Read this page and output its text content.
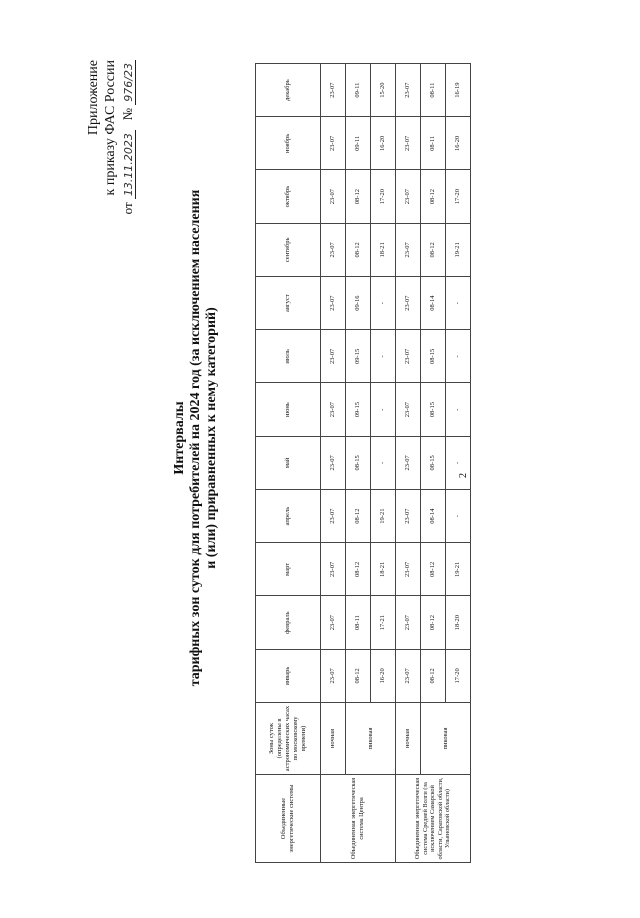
2
Приложение к приказу ФАС России
от 13.11.2023   № 976/23
Интервалы тарифных зон суток для потребителей на 2024 год (за исключением населения и (или) приравненных к нему категорий)
Объединенные энергетические системы	Зоны суток (определены в астрономических часах по московскому времени)	январь	февраль	март	апрель	май	июнь	июль	август	сентябрь	октябрь	ноябрь	декабрь
Объединенная энергетическая система Центра	ночная	23-07	23-07	23-07	23-07	23-07	23-07	23-07	23-07	23-07	23-07	23-07	23-07
	пиковая	08-12	08-11	08-12	08-12	08-15	09-15	09-15	09-16	08-12	08-12	09-11	09-11
		16-20	17-21	18-21	19-21	-	-	-	-	18-21	17-20	16-20	15-20
Объединенная энергетическая система Средней Волги (за исключением Самарской области, Саратовской области, Ульяновской области)	ночная	23-07	23-07	23-07	23-07	23-07	23-07	23-07	23-07	23-07	23-07	23-07	23-07
	пиковая	08-12	08-12	08-12	08-14	08-15	08-15	08-15	08-14	08-12	08-12	08-11	08-11
		17-20	18-20	19-21	-	-	-	-	-	19-21	17-20	16-20	16-19
